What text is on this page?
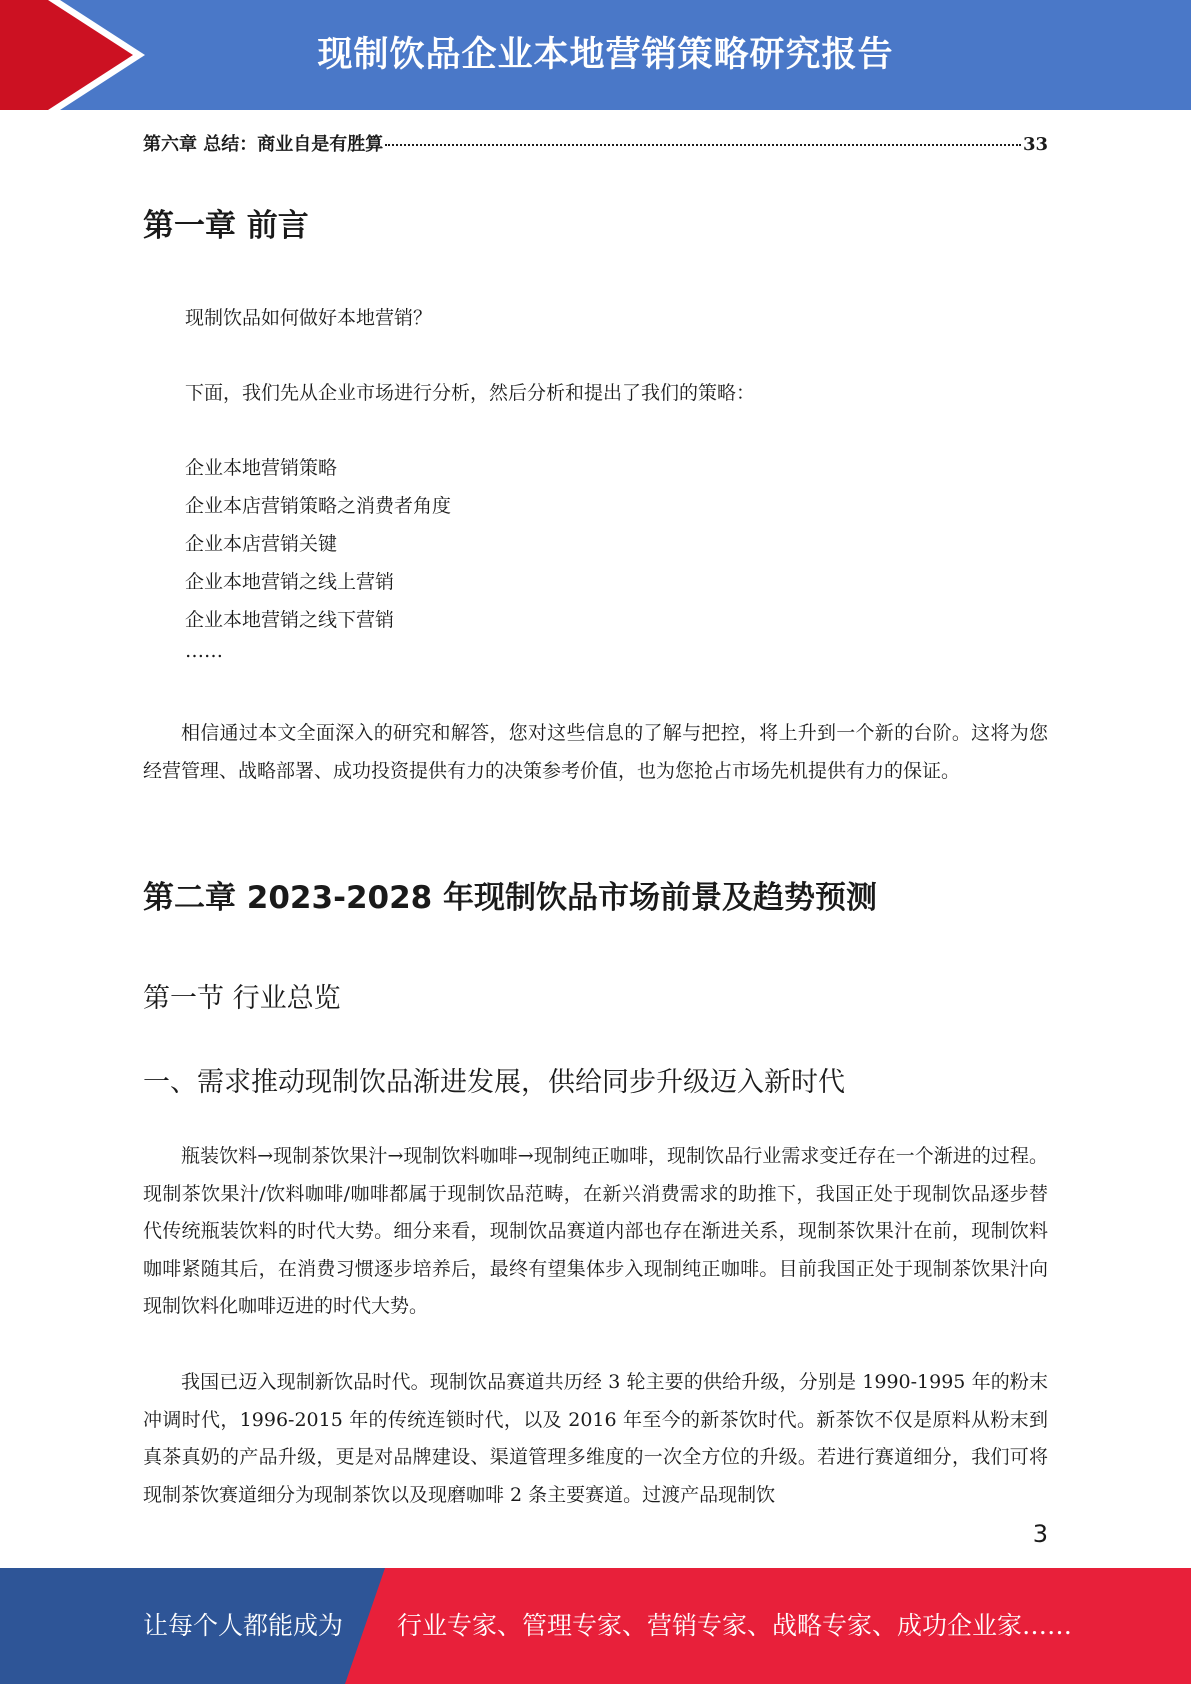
现制饮品企业本地营销策略研究报告
第六章 总结：商业自是有胜算	33
第一章 前言
现制饮品如何做好本地营销？
下面，我们先从企业市场进行分析，然后分析和提出了我们的策略：
企业本地营销策略
企业本店营销策略之消费者角度
企业本店营销关键
企业本地营销之线上营销
企业本地营销之线下营销
……
相信通过本文全面深入的研究和解答，您对这些信息的了解与把控，将上升到一个新的台阶。这将为您经营管理、战略部署、成功投资提供有力的决策参考价值，也为您抢占市场先机提供有力的保证。
第二章 2023-2028 年现制饮品市场前景及趋势预测
第一节 行业总览
一、需求推动现制饮品渐进发展，供给同步升级迈入新时代
瓶装饮料→现制茶饮果汁→现制饮料咖啡→现制纯正咖啡，现制饮品行业需求变迁存在一个渐进的过程。现制茶饮果汁/饮料咖啡/咖啡都属于现制饮品范畴，在新兴消费需求的助推下，我国正处于现制饮品逐步替代传统瓶装饮料的时代大势。细分来看，现制饮品赛道内部也存在渐进关系，现制茶饮果汁在前，现制饮料咖啡紧随其后，在消费习惯逐步培养后，最终有望集体步入现制纯正咖啡。目前我国正处于现制茶饮果汁向现制饮料化咖啡迈进的时代大势。
我国已迈入现制新饮品时代。现制饮品赛道共历经 3 轮主要的供给升级，分别是 1990-1995 年的粉末冲调时代，1996-2015 年的传统连锁时代，以及 2016 年至今的新茶饮时代。新茶饮不仅是原料从粉末到真茶真奶的产品升级，更是对品牌建设、渠道管理多维度的一次全方位的升级。若进行赛道细分，我们可将现制茶饮赛道细分为现制茶饮以及现磨咖啡 2 条主要赛道。过渡产品现制饮
3
让每个人都能成为 行业专家、管理专家、营销专家、战略专家、成功企业家……
